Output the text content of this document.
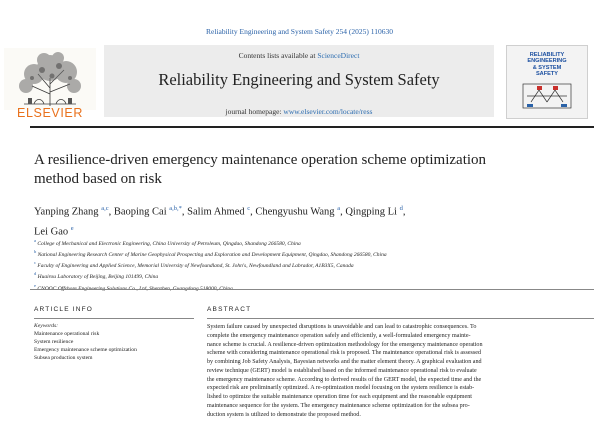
Reliability Engineering and System Safety 254 (2025) 110630
ELSEVIER
Contents lists available at ScienceDirect
Reliability Engineering and System Safety
journal homepage: www.elsevier.com/locate/ress
RELIABILITY
ENGINEERING
& SYSTEM
SAFETY
A resilience-driven emergency maintenance operation scheme optimization
method based on risk
Yanping Zhang $^{a,c}$, Baoping Cai $^{a,b,*}$, Salim Ahmed $^c$, Chengyushu Wang $^a$, Qingping Li $^d$,
Lei Gao $^e$
$^a$ College of Mechanical and Electronic Engineering, China University of Petroleum, Qingdao, Shandong 266580, China
$^b$ National Engineering Research Center of Marine Geophysical Prospecting and Exploration and Development Equipment, Qingdao, Shandong 266580, China
$^c$ Faculty of Engineering and Applied Science, Memorial University of Newfoundland, St. John's, Newfoundland and Labrador, A1B3X5, Canada
$^d$ Huairou Laboratory of Beijing, Beijing 101499, China
$^e$
ARTICLE INFO	ABSTRACT
Keywords:
Maintenance operational risk
System resilience
Emergency maintenance scheme optimization
Subsea production system
System failure caused by unexpected disruptions is unavoidable and can lead to catastrophic consequences. To
complete the emergency maintenance operation safely and efficiently, a well-formulated emergency mainte-
nance scheme is crucial. A resilience-driven optimization methodology for the emergency maintenance operation
scheme with considering maintenance operational risk is proposed. The maintenance operational risk is assessed
by combining Job Safety Analysis, Bayesian networks and the matter element theory. A graphical evaluation and
review technique (GERT) model is established based on the informed maintenance operational risk to evaluate
the emergency maintenance scheme. According to derived results of the GERT model, the expected time and the
expected risk are preliminarily optimized. A re-optimization model focusing on the system resilience is estab-
lished to optimize the suitable maintenance operation time for each equipment and the reasonable equipment
maintenance sequence for the system. The emergency maintenance scheme optimization for the subsea pro-
duction system is utilized to demonstrate the proposed method.
